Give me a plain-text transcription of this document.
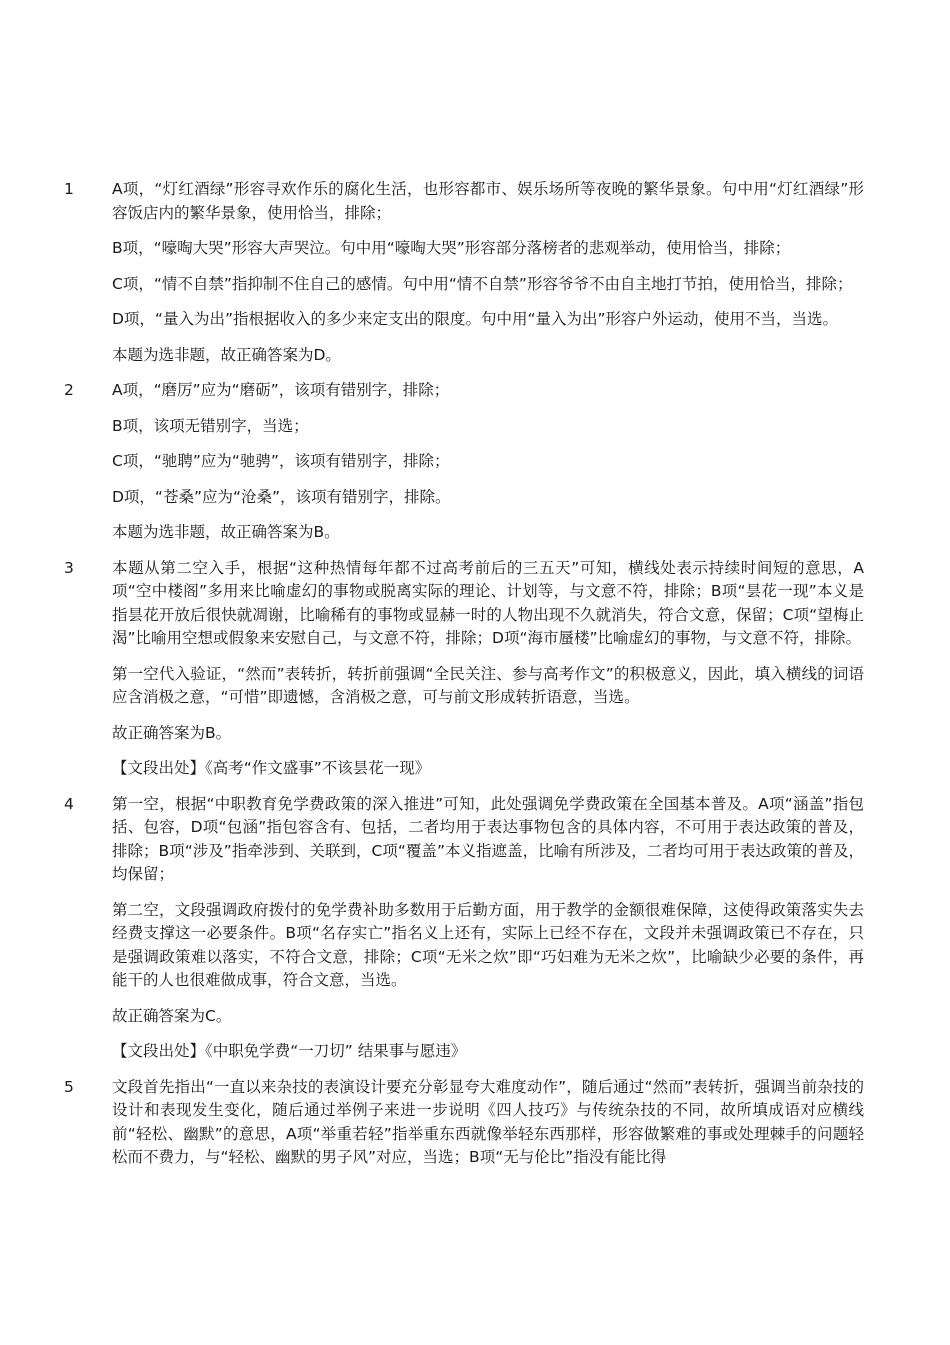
1	A项，“灯红酒绿”形容寻欢作乐的腐化生活，也形容都市、娱乐场所等夜晚的繁华景象。句中用“灯红酒绿”形容饭店内的繁华景象，使用恰当，排除；

B项，“嚎啕大哭”形容大声哭泣。句中用“嚎啕大哭”形容部分落榜者的悲观举动，使用恰当，排除；

C项，“情不自禁”指抑制不住自己的感情。句中用“情不自禁”形容爷爷不由自主地打节拍，使用恰当，排除；

D项，“量入为出”指根据收入的多少来定支出的限度。句中用“量入为出”形容户外运动，使用不当，当选。

本题为选非题，故正确答案为D。

2	A项，“磨厉”应为“磨砺”，该项有错别字，排除；

B项，该项无错别字，当选；

C项，“驰聘”应为“驰骋”，该项有错别字，排除；

D项，“苍桑”应为“沧桑”，该项有错别字，排除。

本题为选非题，故正确答案为B。

3	本题从第二空入手，根据“这种热情每年都不过高考前后的三五天”可知，横线处表示持续时间短的意思，A项“空中楼阁”多用来比喻虚幻的事物或脱离实际的理论、计划等，与文意不符，排除；B项“昙花一现”本义是指昙花开放后很快就凋谢，比喻稀有的事物或显赫一时的人物出现不久就消失，符合文意，保留；C项“望梅止渴”比喻用空想或假象来安慰自己，与文意不符，排除；D项“海市蜃楼”比喻虚幻的事物，与文意不符，排除。

第一空代入验证，“然而”表转折，转折前强调“全民关注、参与高考作文”的积极意义，因此，填入横线的词语应含消极之意，“可惜”即遗憾，含消极之意，可与前文形成转折语意，当选。

故正确答案为B。

【文段出处】《高考“作文盛事”不该昙花一现》

4	第一空，根据“中职教育免学费政策的深入推进”可知，此处强调免学费政策在全国基本普及。A项“涵盖”指包括、包容，D项“包涵”指包容含有、包括，二者均用于表达事物包含的具体内容，不可用于表达政策的普及，排除；B项“涉及”指牵涉到、关联到，C项“覆盖”本义指遮盖，比喻有所涉及，二者均可用于表达政策的普及，均保留；

第二空，文段强调政府拨付的免学费补助多数用于后勤方面，用于教学的金额很难保障，这使得政策落实失去经费支撑这一必要条件。B项“名存实亡”指名义上还有，实际上已经不存在，文段并未强调政策已不存在，只是强调政策难以落实，不符合文意，排除；C项“无米之炊”即“巧妇难为无米之炊”，比喻缺少必要的条件，再能干的人也很难做成事，符合文意，当选。

故正确答案为C。

【文段出处】《中职免学费“一刀切” 结果事与愿违》

5	文段首先指出“一直以来杂技的表演设计要充分彰显夸大难度动作”，随后通过“然而”表转折，强调当前杂技的设计和表现发生变化，随后通过举例子来进一步说明《四人技巧》与传统杂技的不同，故所填成语对应横线前“轻松、幽默”的意思，A项“举重若轻”指举重东西就像举轻东西那样，形容做繁难的事或处理棘手的问题轻松而不费力，与“轻松、幽默的男子风”对应，当选；B项“无与伦比”指没有能比得
